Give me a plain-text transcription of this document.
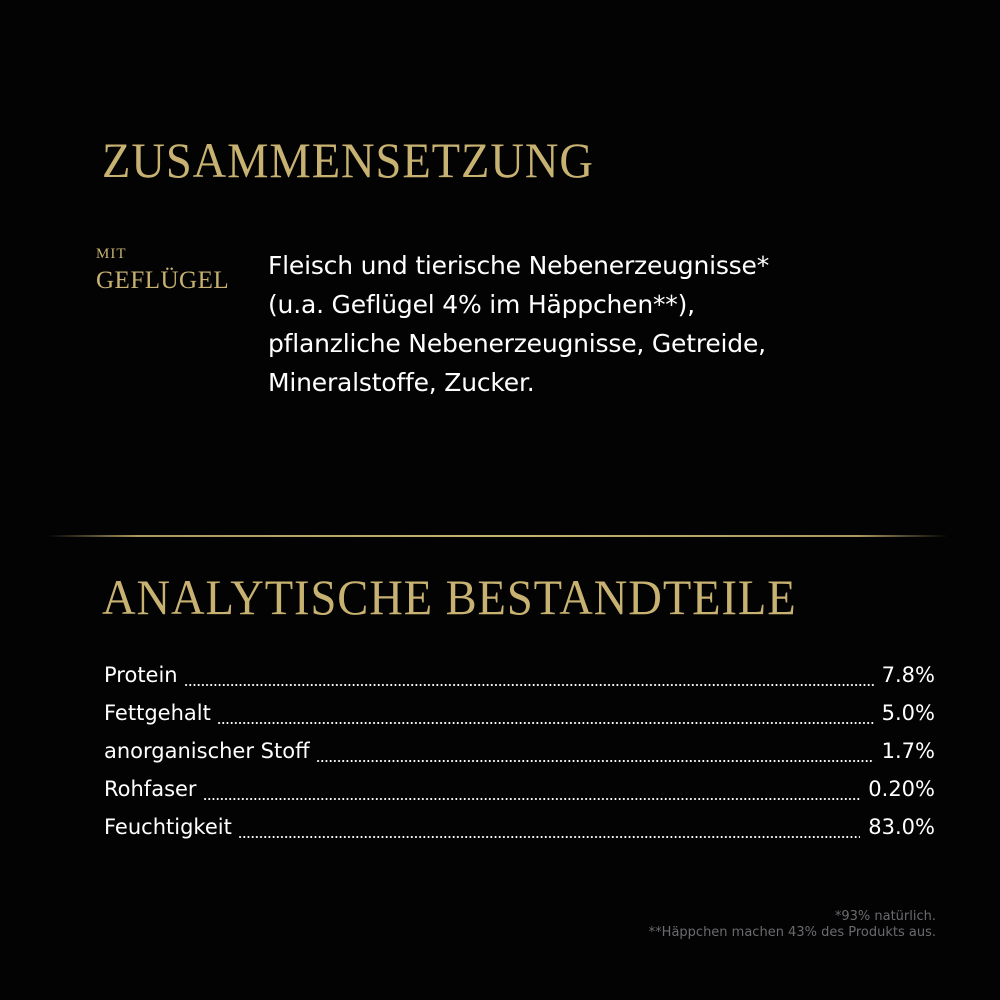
ZUSAMMENSETZUNG
MIT
GEFLÜGEL
Fleisch und tierische Nebenerzeugnisse*
(u.a. Geflügel 4% im Häppchen**),
pflanzliche Nebenerzeugnisse, Getreide,
Mineralstoffe, Zucker.
ANALYTISCHE BESTANDTEILE
Protein	7.8%
Fettgehalt	5.0%
anorganischer Stoff	1.7%
Rohfaser	0.20%
Feuchtigkeit	83.0%
*93% natürlich.
**Häppchen machen 43% des Produkts aus.
